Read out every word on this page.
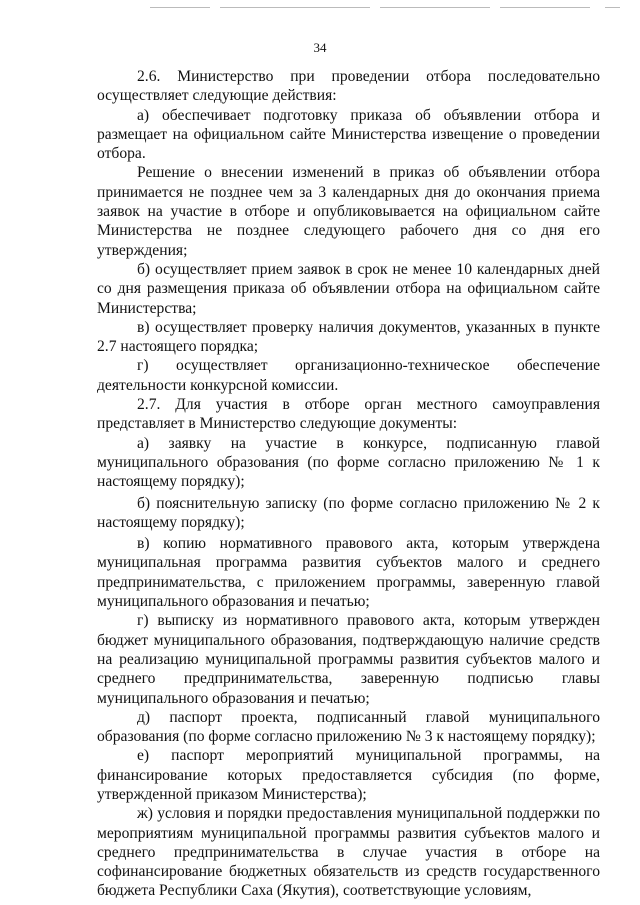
34

2.6. Министерство при проведении отбора последовательно осуществляет следующие действия:

а) обеспечивает подготовку приказа об объявлении отбора и размещает на официальном сайте Министерства извещение о проведении отбора.

Решение о внесении изменений в приказ об объявлении отбора принимается не позднее чем за 3 календарных дня до окончания приема заявок на участие в отборе и опубликовывается на официальном сайте Министерства не позднее следующего рабочего дня со дня его утверждения;

б) осуществляет прием заявок в срок не менее 10 календарных дней со дня размещения приказа об объявлении отбора на официальном сайте Министерства;

в) осуществляет проверку наличия документов, указанных в пункте 2.7 настоящего порядка;

г) осуществляет организационно-техническое обеспечение деятельности конкурсной комиссии.

2.7. Для участия в отборе орган местного самоуправления представляет в Министерство следующие документы:

а) заявку на участие в конкурсе, подписанную главой муниципального образования (по форме согласно приложению № 1 к настоящему порядку);

б) пояснительную записку (по форме согласно приложению № 2 к настоящему порядку);

в) копию нормативного правового акта, которым утверждена муниципальная программа развития субъектов малого и среднего предпринимательства, с приложением программы, заверенную главой муниципального образования и печатью;

г) выписку из нормативного правового акта, которым утвержден бюджет муниципального образования, подтверждающую наличие средств на реализацию муниципальной программы развития субъектов малого и среднего предпринимательства, заверенную подписью главы муниципального образования и печатью;

д) паспорт проекта, подписанный главой муниципального образования (по форме согласно приложению № 3 к настоящему порядку);

е) паспорт мероприятий муниципальной программы, на финансирование которых предоставляется субсидия (по форме, утвержденной приказом Министерства);

ж) условия и порядки предоставления муниципальной поддержки по мероприятиям муниципальной программы развития субъектов малого и среднего предпринимательства в случае участия в отборе на софинансирование бюджетных обязательств из средств государственного бюджета Республики Саха (Якутия), соответствующие условиям,
